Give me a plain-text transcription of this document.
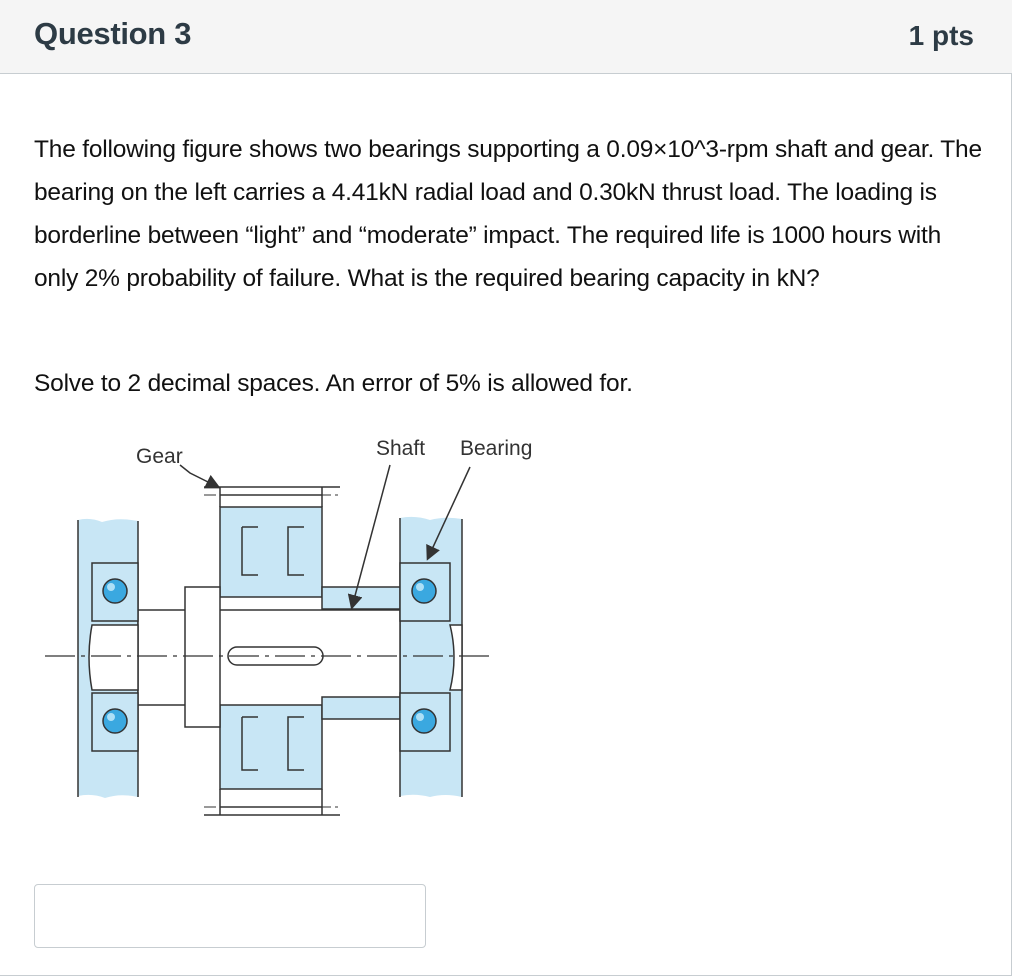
Question 3	1 pts
The following figure shows two bearings supporting a 0.09×10^3-rpm shaft and gear. The bearing on the left carries a 4.41kN radial load and 0.30kN thrust load. The loading is borderline between “light” and “moderate” impact. The required life is 1000 hours with only 2% probability of failure. What is the required bearing capacity in kN?
Solve to 2 decimal spaces. An error of 5% is allowed for.
Gear	Shaft Bearing
